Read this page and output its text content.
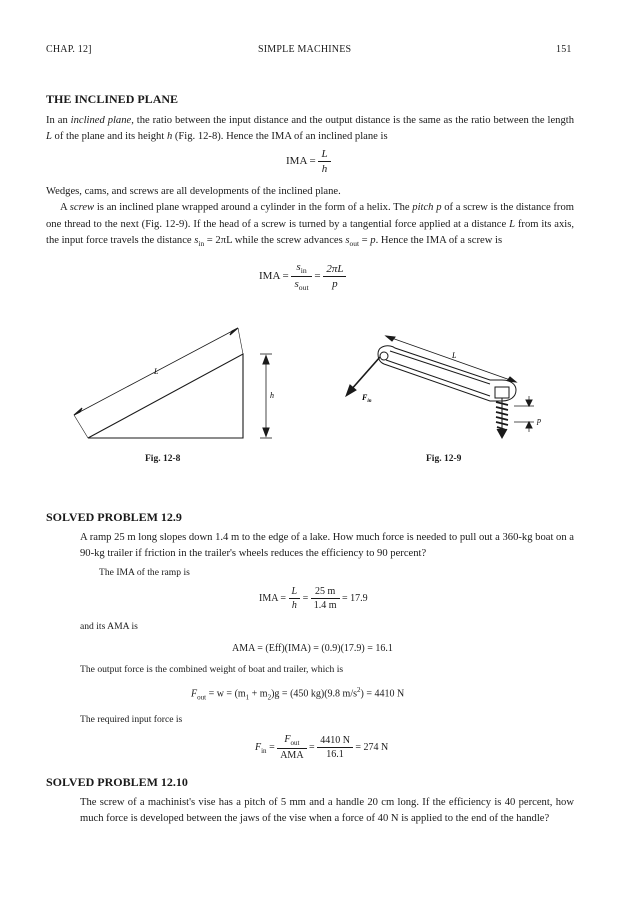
CHAP. 12]	SIMPLE MACHINES	151
THE INCLINED PLANE

In an inclined plane, the ratio between the input distance and the output distance is the same as the ratio between the length L of the plane and its height h (Fig. 12-8). Hence the IMA of an inclined plane is

IMA = $\frac{L}{h}$

Wedges, cams, and screws are all developments of the inclined plane.

A screw is an inclined plane wrapped around a cylinder in the form of a helix. The pitch p of a screw is the distance from one thread to the next (Fig. 12-9). If the head of a screw is turned by a tangential force applied at a distance L from its axis, the input force travels the distance $s_{in} = 2\pi L$ while the screw advances $s_{out} = p$. Hence the IMA of a screw is

IMA = $\frac{s_{in}}{s_{out}} = \frac{2\pi L}{p}$
L
h
Fig. 12-8
L
$F_{in}$
p
Fig. 12-9
SOLVED PROBLEM 12.9
A ramp 25 m long slopes down 1.4 m to the edge of a lake. How much force is needed to pull out a 360-kg boat on a 90-kg trailer if friction in the trailer's wheels reduces the efficiency to 90 percent?
The IMA of the ramp is
IMA = $\frac{L}{h} = \frac{25 m}{1.4 m} = 17.9$
and its AMA is
AMA = (Eff)(IMA) = (0.9)(17.9) = 16.1
The output force is the combined weight of boat and trailer, which is
$F_{out} = w = (m_1 + m_2)g = (450$ kg)(9.8 $m/s^2) = 4410$ N
The required input force is
$F_{in} = \frac{F_{out}}{\text{AMA}} = \frac{4410 N}{16.1} = 274$ N
SOLVED PROBLEM 12.10
The screw of a machinist's vise has a pitch of 5 mm and a handle 20 cm long. If the efficiency is 40 percent, how much force is developed between the jaws of the vise when a force of 40 N is applied to the end of the handle?
